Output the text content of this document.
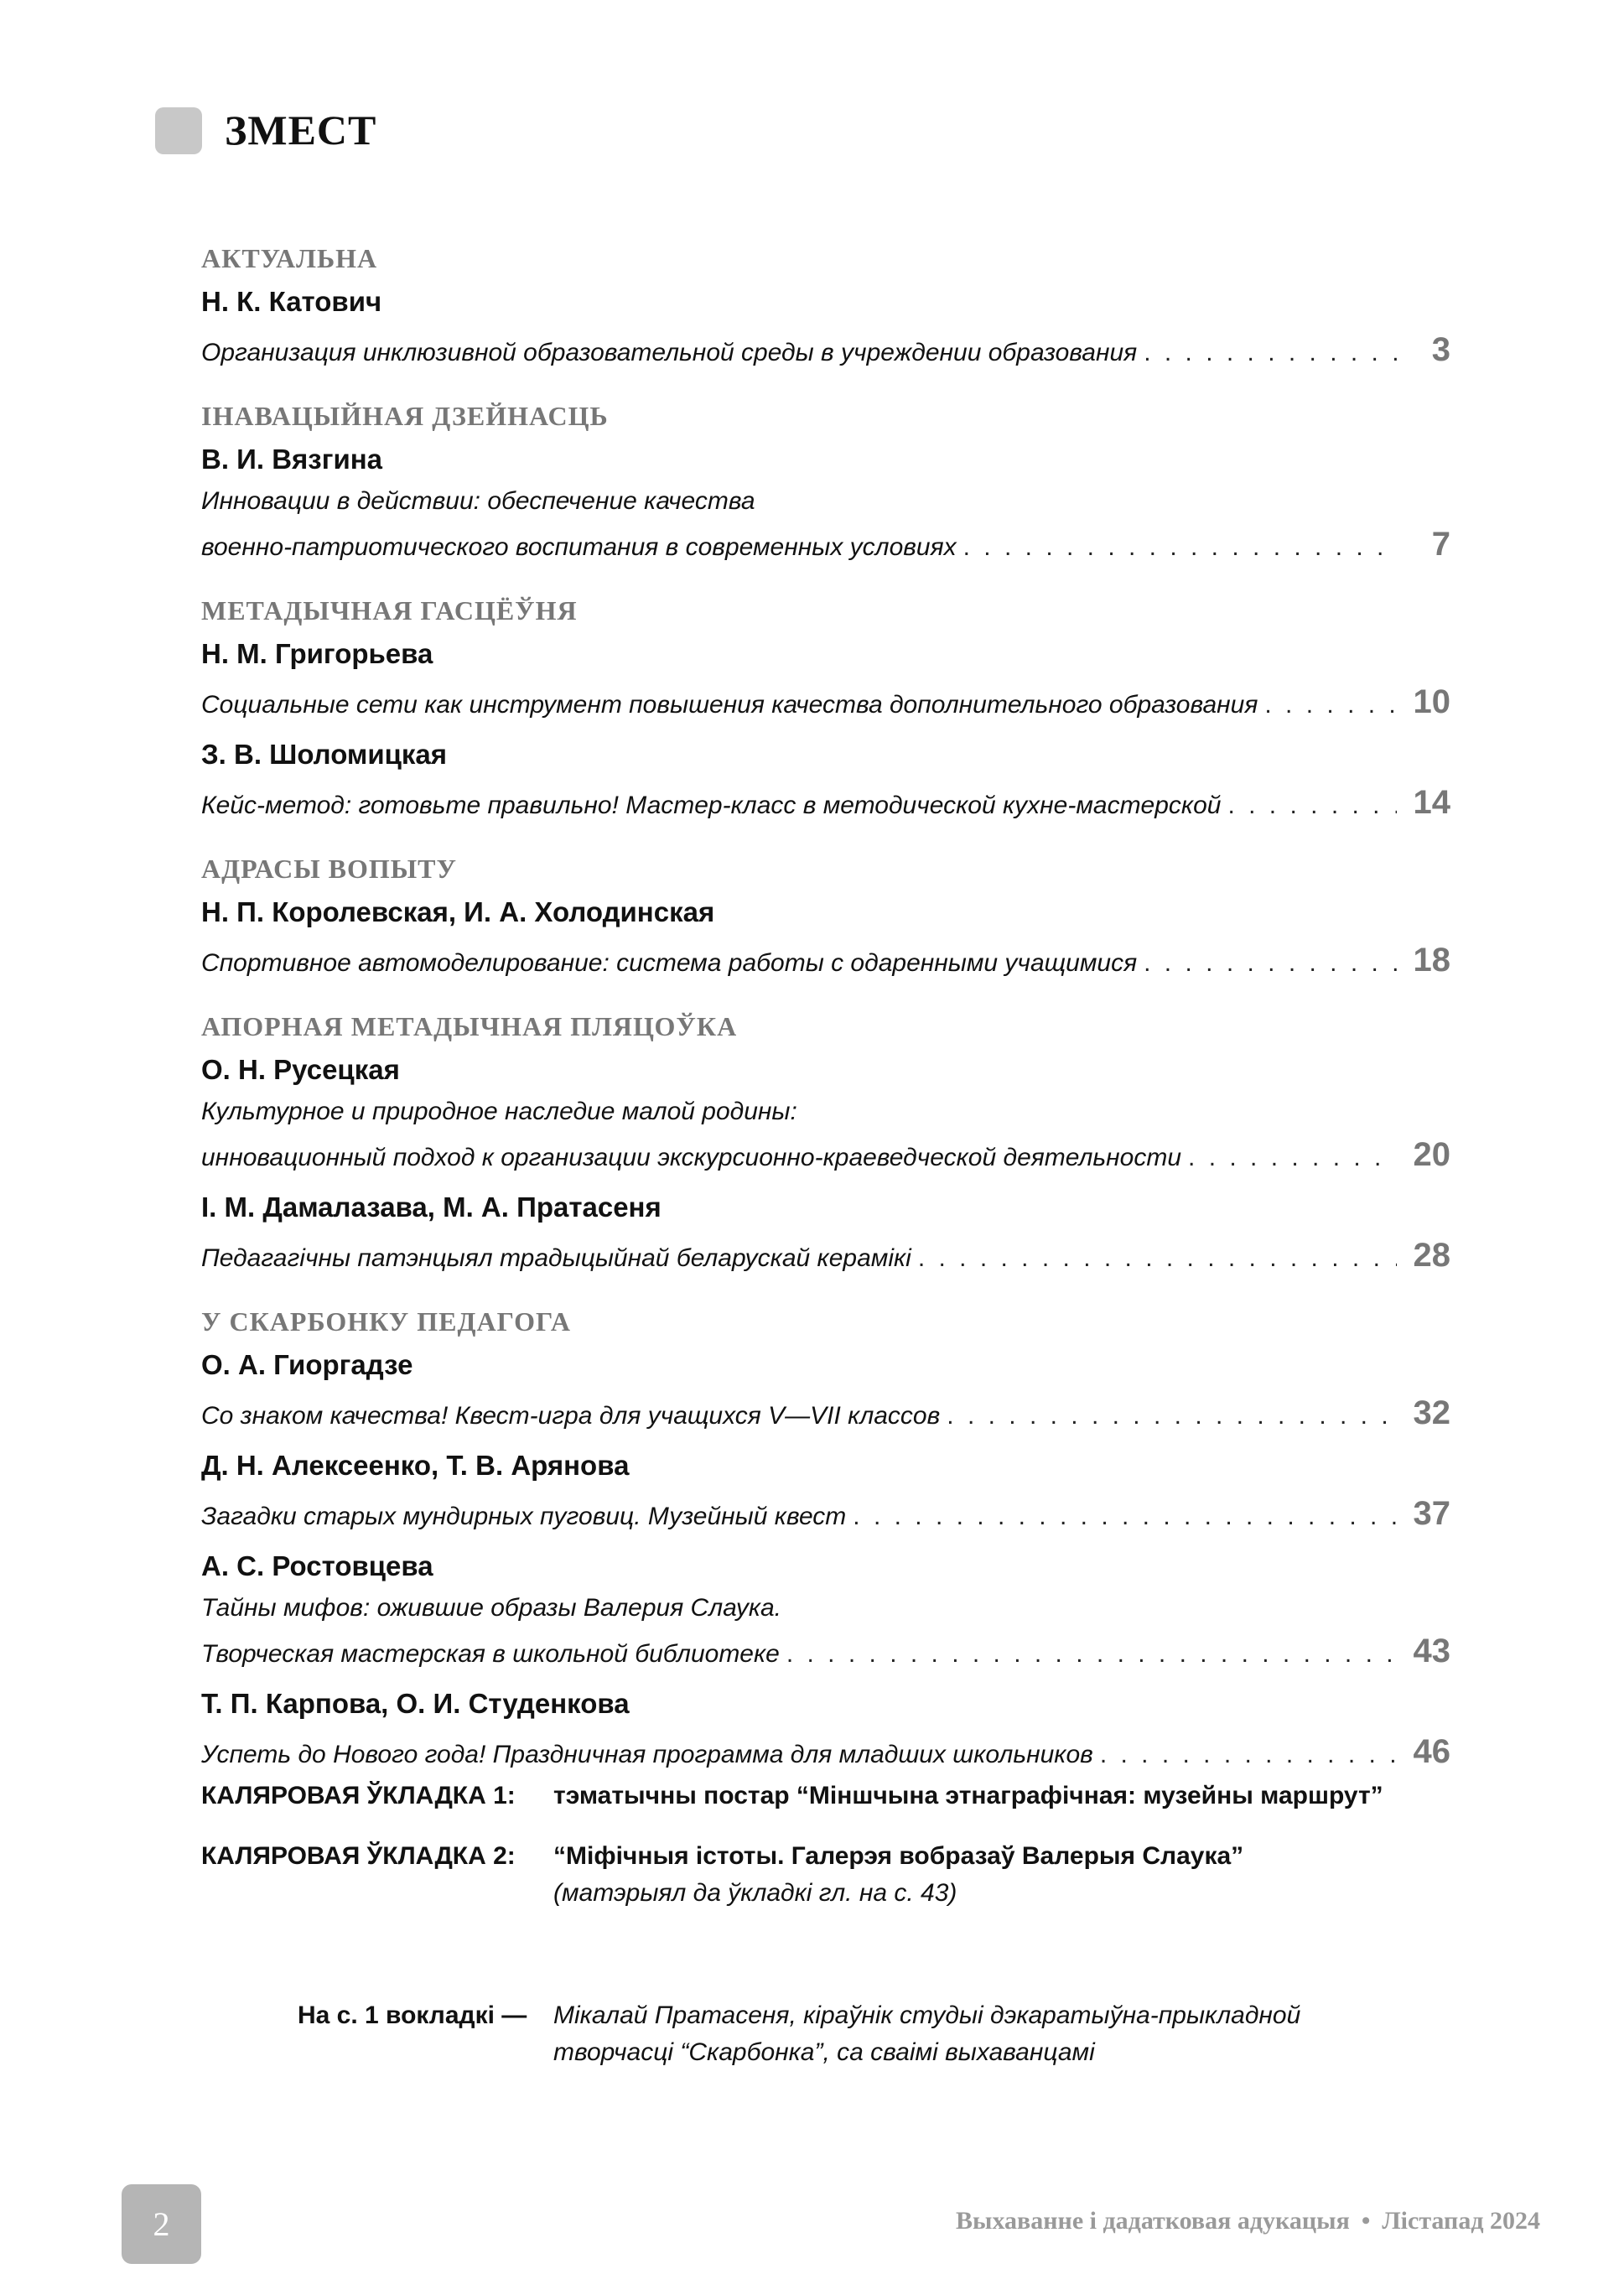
ЗМЕСТ
АКТУАЛЬНА
Н. К. Катович
Организация инклюзивной образовательной среды в учреждении образования . . .	3
ІНАВАЦЫЙНАЯ ДЗЕЙНАСЦЬ
В. И. Вязгина
Инновации в действии: обеспечение качества
военно-патриотического воспитания в современных условиях . . .	7
МЕТАДЫЧНАЯ ГАСЦЁЎНЯ
Н. М. Григорьева
Социальные сети как инструмент повышения качества дополнительного образования . . .	10
З. В. Шоломицкая
Кейс-метод: готовьте правильно! Мастер-класс в методической кухне-мастерской . . .	14
АДРАСЫ ВОПЫТУ
Н. П. Королевская, И. А. Холодинская
Спортивное автомоделирование: система работы с одаренными учащимися . . .	18
АПОРНАЯ МЕТАДЫЧНАЯ ПЛЯЦОЎКА
О. Н. Русецкая
Культурное и природное наследие малой родины:
инновационный подход к организации экскурсионно-краеведческой деятельности . . .	20
І. М. Дамалазава, М. А. Пратасеня
Педагагічны патэнцыял традыцыйнай беларускай керамікі . . .	28
У СКАРБОНКУ ПЕДАГОГА
О. А. Гиоргадзе
Со знаком качества! Квест-игра для учащихся V—VII классов . . .	32
Д. Н. Алексеенко, Т. В. Арянова
Загадки старых мундирных пуговиц. Музейный квест . . .	37
А. С. Ростовцева
Тайны мифов: ожившие образы Валерия Слаука.
Творческая мастерская в школьной библиотеке . . .	43
Т. П. Карпова, О. И. Студенкова
Успеть до Нового года! Праздничная программа для младших школьников . . .	46
КАЛЯРОВАЯ ЎКЛАДКА 1:	тэматычны постар “Міншчына этнаграфічная: музейны маршрут”
КАЛЯРОВАЯ ЎКЛАДКА 2:	“Міфічныя істоты. Галерэя вобразаў Валерыя Слаука”
(матэрыял да ўкладкі гл. на с. 43)
На с. 1 вокладкі —	Мікалай Пратасеня, кіраўнік студыі дэкаратыўна-прыкладной творчасці “Скарбонка”, са сваімі выхаванцамі
2	Выхаванне і дадатковая адукацыя • Лістапад 2024
